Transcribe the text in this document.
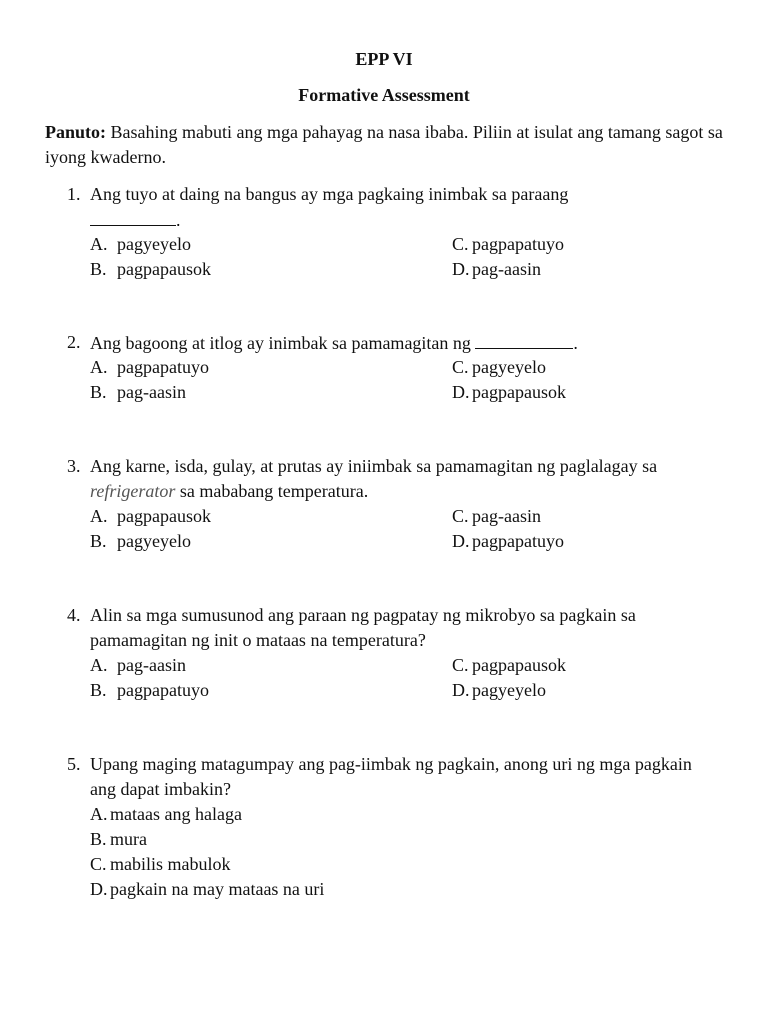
EPP VI
Formative Assessment
Panuto: Basahing mabuti ang mga pahayag na nasa ibaba. Piliin at isulat ang tamang sagot sa iyong kwaderno.
1. Ang tuyo at daing na bangus ay mga pagkaing inimbak sa paraang
.
A. pagyeyelo
B. pagpapausok
C. pagpapatuyo
D. pag-aasin
2. Ang bagoong at itlog ay inimbak sa pamamagitan ng	.
A. pagpapatuyo
B. pag-aasin
C. pagyeyelo
D. pagpapausok
3. Ang karne, isda, gulay, at prutas ay iniimbak sa pamamagitan ng paglalagay sa refrigerator sa mababang temperatura.
A. pagpapausok
B. pagyeyelo
C. pag-aasin
D. pagpapatuyo
4. Alin sa mga sumusunod ang paraan ng pagpatay ng mikrobyo sa pagkain sa pamamagitan ng init o mataas na temperatura?
A. pag-aasin
B. pagpapatuyo
C. pagpapausok
D. pagyeyelo
5. Upang maging matagumpay ang pag-iimbak ng pagkain, anong uri ng mga pagkain ang dapat imbakin?
A. mataas ang halaga
B. mura
C. mabilis mabulok
D. pagkain na may mataas na uri
